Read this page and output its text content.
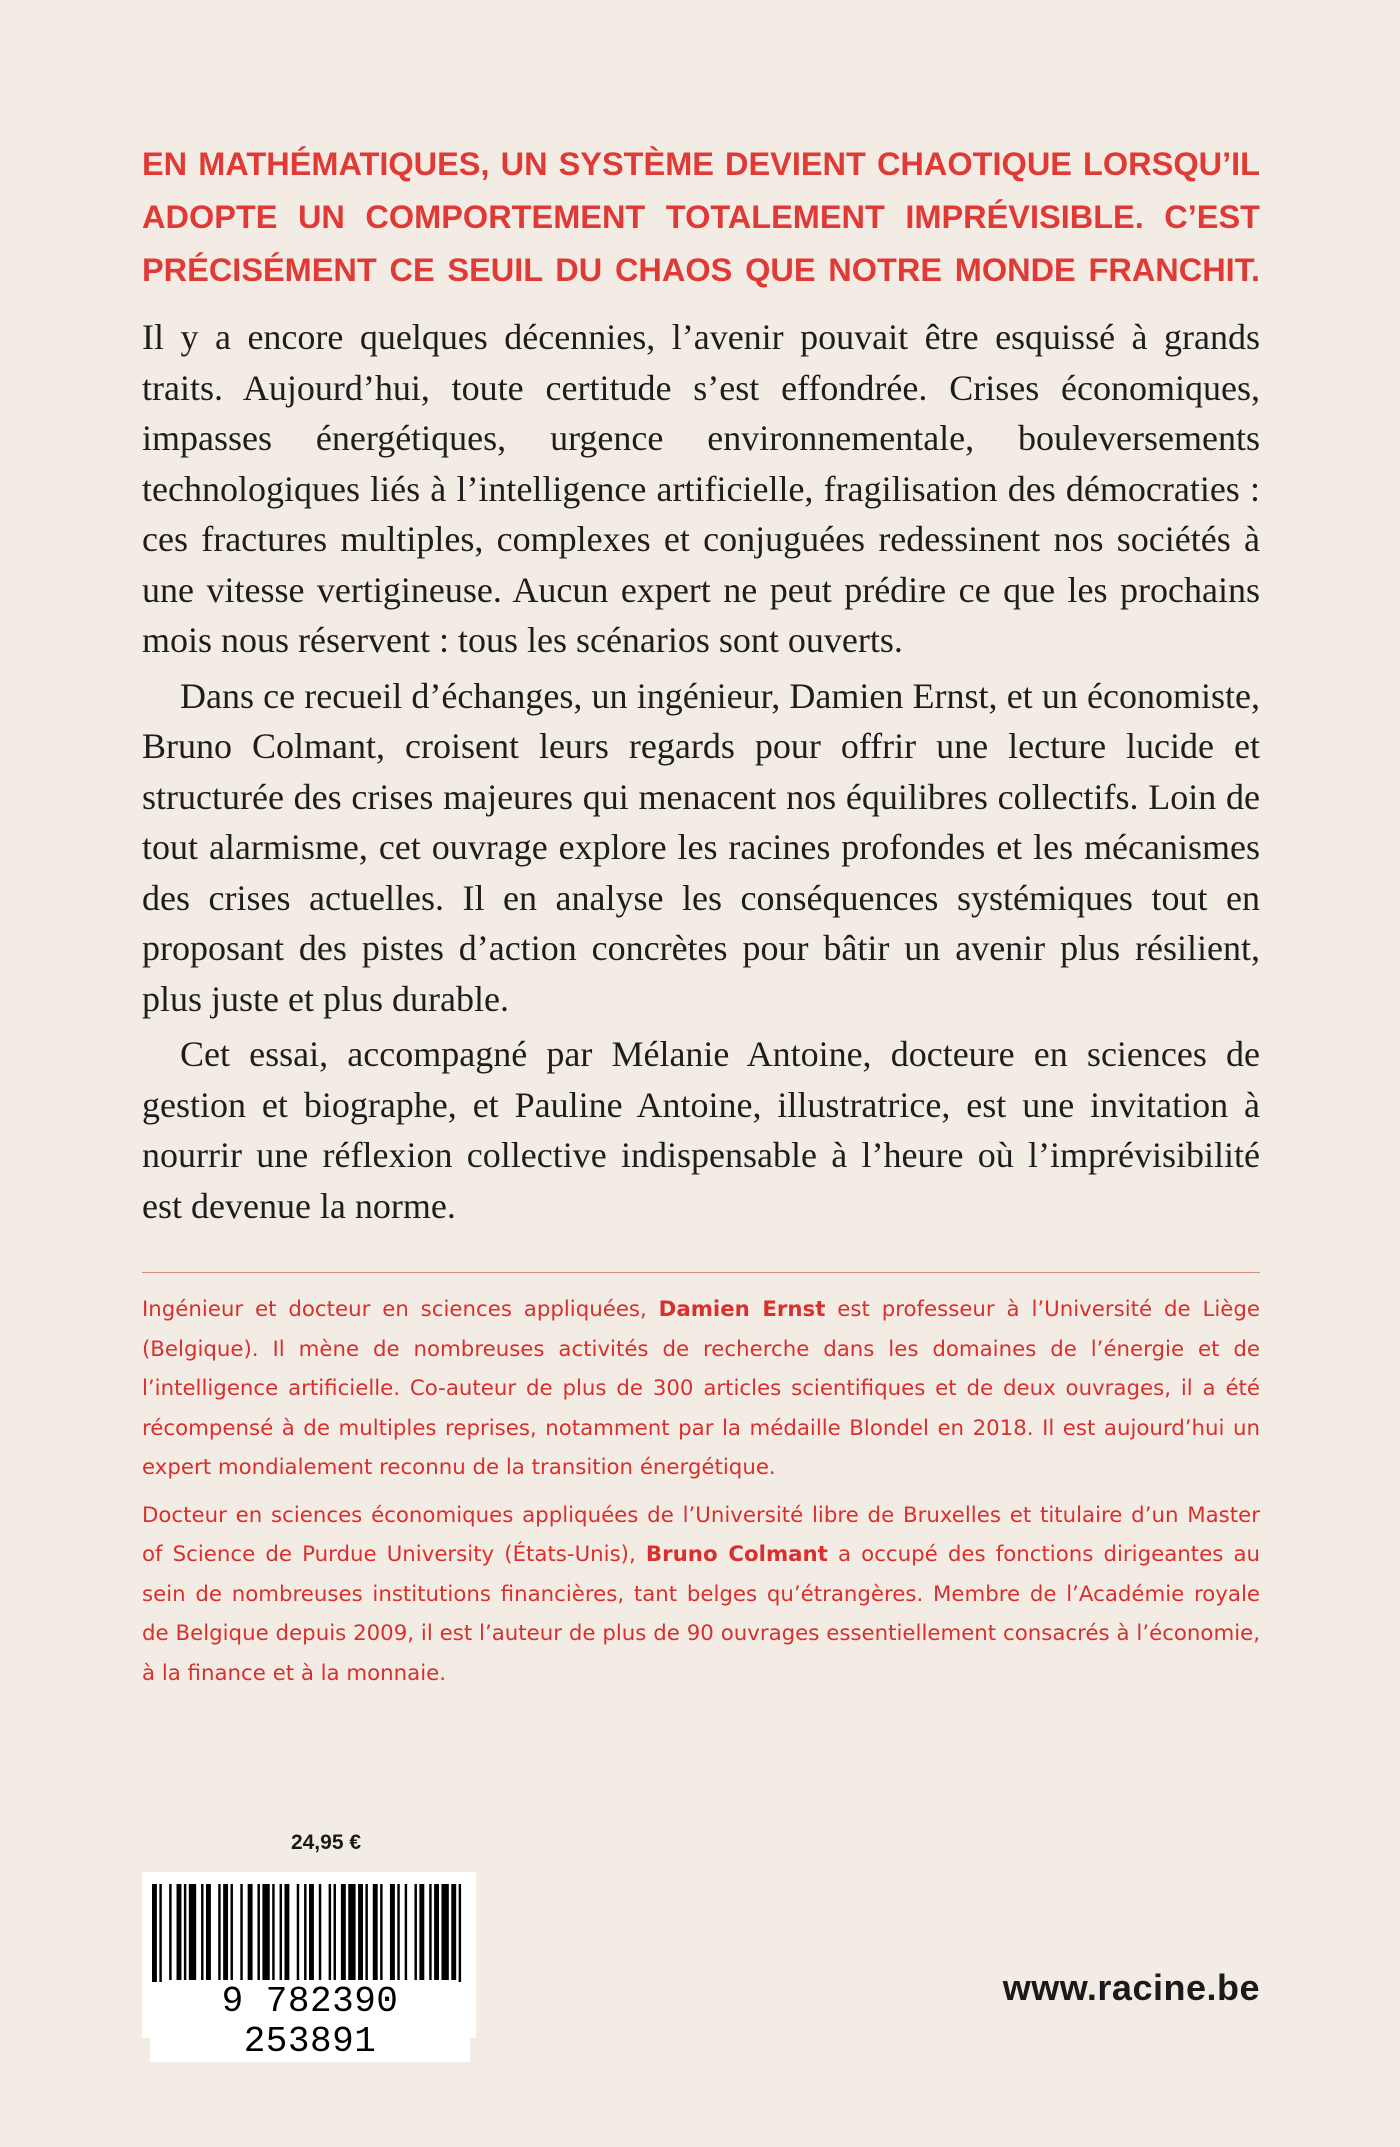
EN MATHÉMATIQUES, UN SYSTÈME DEVIENT CHAOTIQUE LORSQU’IL
ADOPTE UN COMPORTEMENT TOTALEMENT IMPRÉVISIBLE. C’EST
PRÉCISÉMENT CE SEUIL DU CHAOS QUE NOTRE MONDE FRANCHIT.

Il y a encore quelques décennies, l’avenir pouvait être esquissé à grands traits. Aujourd’hui, toute certitude s’est effondrée. Crises économiques, impasses énergétiques, urgence environnementale, bouleversements technologiques liés à l’intelligence artificielle, fragilisation des démocraties : ces fractures multiples, complexes et conjuguées redessinent nos sociétés à une vitesse vertigineuse. Aucun expert ne peut prédire ce que les prochains mois nous réservent : tous les scénarios sont ouverts.

Dans ce recueil d’échanges, un ingénieur, Damien Ernst, et un économiste, Bruno Colmant, croisent leurs regards pour offrir une lecture lucide et structurée des crises majeures qui menacent nos équilibres collectifs. Loin de tout alarmisme, cet ouvrage explore les racines profondes et les mécanismes des crises actuelles. Il en analyse les conséquences systémiques tout en proposant des pistes d’action concrètes pour bâtir un avenir plus résilient, plus juste et plus durable.

Cet essai, accompagné par Mélanie Antoine, docteure en sciences de gestion et biographe, et Pauline Antoine, illustratrice, est une invitation à nourrir une réflexion collective indispensable à l’heure où l’imprévisibilité est devenue la norme.

Ingénieur et docteur en sciences appliquées, Damien Ernst est professeur à l’Université de Liège (Belgique). Il mène de nombreuses activités de recherche dans les domaines de l’énergie et de l’intelligence artificielle. Co-auteur de plus de 300 articles scientifiques et de deux ouvrages, il a été récompensé à de multiples reprises, notamment par la médaille Blondel en 2018. Il est aujourd’hui un expert mondialement reconnu de la transition énergétique.

Docteur en sciences économiques appliquées de l’Université libre de Bruxelles et titulaire d’un Master of Science de Purdue University (États-Unis), Bruno Colmant a occupé des fonctions dirigeantes au sein de nombreuses institutions financières, tant belges qu’étrangères. Membre de l’Académie royale de Belgique depuis 2009, il est l’auteur de plus de 90 ouvrages essentiellement consacrés à l’économie, à la finance et à la monnaie.

24,95 €
9 782390 253891
www.racine.be
